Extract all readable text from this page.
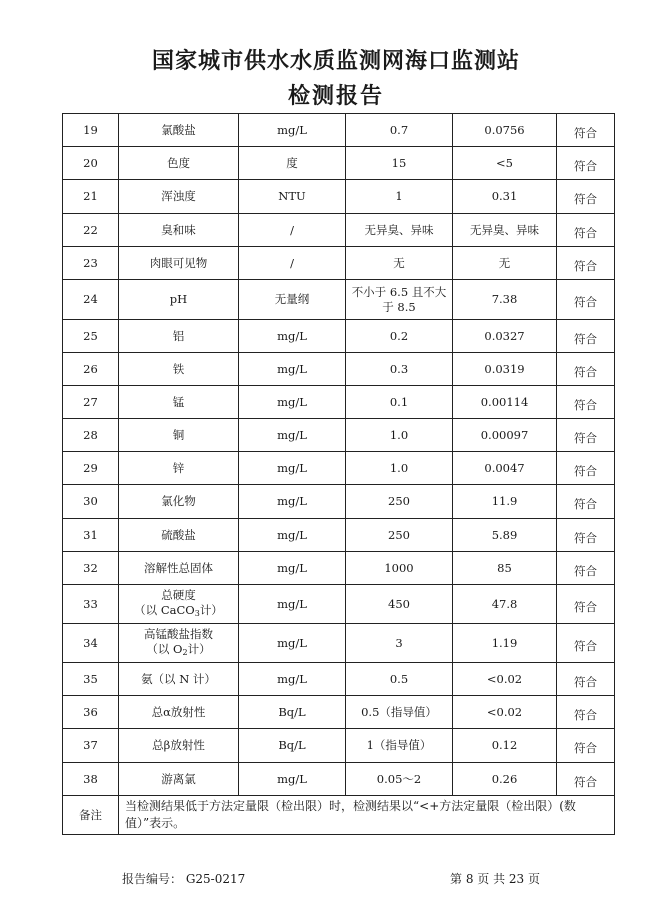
国家城市供水水质监测网海口监测站
检测报告
19	氯酸盐	mg/L	0.7	0.0756	符合
20	色度	度	15	<5	符合
21	浑浊度	NTU	1	0.31	符合
22	臭和味	/	无异臭、异味	无异臭、异味	符合
23	肉眼可见物	/	无	无	符合
24	pH	无量纲	不小于 6.5 且不大于 8.5	7.38	符合
25	铝	mg/L	0.2	0.0327	符合
26	铁	mg/L	0.3	0.0319	符合
27	锰	mg/L	0.1	0.00114	符合
28	铜	mg/L	1.0	0.00097	符合
29	锌	mg/L	1.0	0.0047	符合
30	氯化物	mg/L	250	11.9	符合
31	硫酸盐	mg/L	250	5.89	符合
32	溶解性总固体	mg/L	1000	85	符合
33	总硬度
（以 CaCO$_3$计）	mg/L	450	47.8	符合
34	高锰酸盐指数
（以 $O_2$计）	mg/L	3	1.19	符合
35	氨（以 N 计）	mg/L	0.5	<0.02	符合
36	总α放射性	Bq/L	0.5（指导值）	<0.02	符合
37	总β放射性	Bq/L	1（指导值）	0.12	符合
38	游离氯	mg/L	0.05～2	0.26	符合
备注	当检测结果低于方法定量限（检出限）时，检测结果以“<+方法定量限（检出限）(数值）”表示。				
报告编号： G25-0217	第 8 页 共 23 页
